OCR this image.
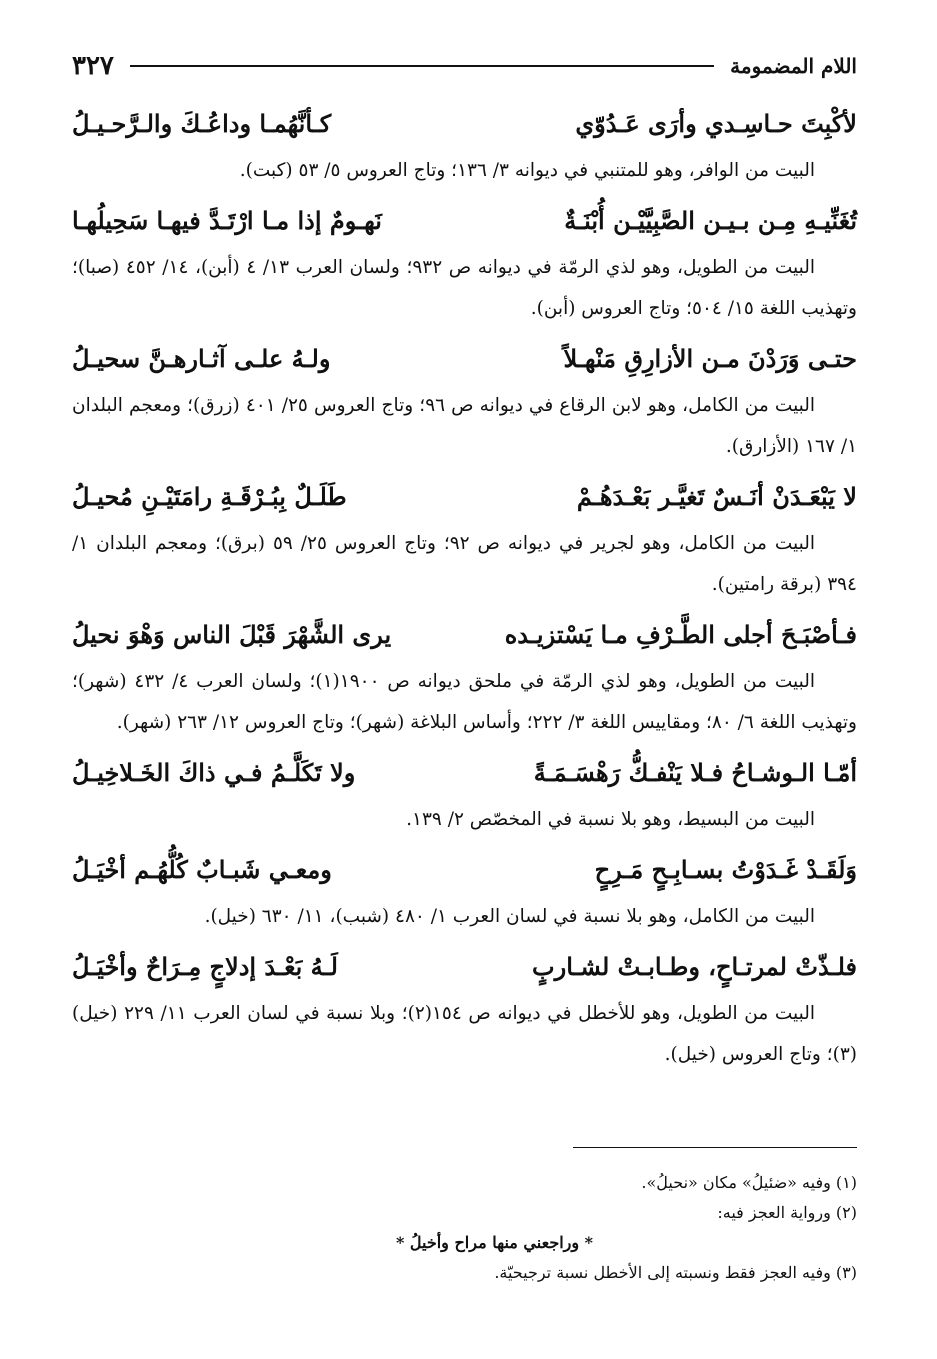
اللام المضمومة
٣٢٧
لأكْبِتَ حـاسِـدي وأرَى عَـدُوّي
كـأنَّهُمـا وداعُـكَ والـرَّحـيـلُ

البيت من الوافر، وهو للمتنبي في ديوانه ٣/ ١٣٦؛ وتاج العروس ٥/ ٥٣ (كبت).

تُغَنِّيـهِ مِـن بـيـن الصَّبِيَّيْـن أُبْنَـةٌ
نَهـومٌ إذا مـا ارْتَـدَّ فيهـا سَحِيلُهـا

البيت من الطويل، وهو لذي الرمّة في ديوانه ص ٩٣٢؛ ولسان العرب ١٣/ ٤ (أبن)، ١٤/ ٤٥٢ (صبا)؛ وتهذيب اللغة ١٥/ ٥٠٤؛ وتاج العروس (أبن).

حتـى وَرَدْنَ مـن الأزارِقِ مَنْهـلاً
ولـهُ علـى آثـارهـنَّ سحيـلُ

البيت من الكامل، وهو لابن الرقاع في ديوانه ص ٩٦؛ وتاج العروس ٢٥/ ٤٠١ (زرق)؛ ومعجم البلدان ١/ ١٦٧ (الأزارق).

لا يَبْعَـدَنْ أنَـسٌ تَغيَّـر بَعْـدَهُـمْ
طَلَـلٌ بِبُـرْقَـةِ رامَتَيْـنِ مُحيـلُ

البيت من الكامل، وهو لجرير في ديوانه ص ٩٢؛ وتاج العروس ٢٥/ ٥٩ (برق)؛ ومعجم البلدان ١/ ٣٩٤ (برقة رامتين).

فـأصْبَـحَ أجلى الطَّـرْفِ مـا يَسْتزيـده
يرى الشَّهْرَ قَبْلَ الناس وَهْوَ نحيلُ

البيت من الطويل، وهو لذي الرمّة في ملحق ديوانه ص ١٩٠٠(١)؛ ولسان العرب ٤/ ٤٣٢ (شهر)؛ وتهذيب اللغة ٦/ ٨٠؛ ومقاييس اللغة ٣/ ٢٢٢؛ وأساس البلاغة (شهر)؛ وتاج العروس ١٢/ ٢٦٣ (شهر).

أمّـا الـوشـاحُ فـلا يَنْفـكُّ رَهْسَـمَـةً
ولا تَكَلَّـمُ فـي ذاكَ الخَـلاخِيـلُ

البيت من البسيط، وهو بلا نسبة في المخصّص ٢/ ١٣٩.

وَلَقَـدْ غَـدَوْتُ بسـابِـحٍ مَـرِحٍ
ومعـي شَبـابٌ كُلُّهُـم أخْيَـلُ

البيت من الكامل، وهو بلا نسبة في لسان العرب ١/ ٤٨٠ (شبب)، ١١/ ٦٣٠ (خيل).

فلـذّتْ لمرتـاحٍ، وطـابـتْ لشـاربٍ
لَـهُ بَعْـدَ إدلاجٍ مِـرَاحٌ وأخْيَـلُ

البيت من الطويل، وهو للأخطل في ديوانه ص ١٥٤(٢)؛ وبلا نسبة في لسان العرب ١١/ ٢٢٩ (خيل)(٣)؛ وتاج العروس (خيل).

(١) وفيه «ضئيلُ» مكان «نحيلُ».

(٢) ورواية العجز فيه:

* وراجعني منها مراح وأخيلُ *

(٣) وفيه العجز فقط ونسبته إلى الأخطل نسبة ترجيحيّة.
